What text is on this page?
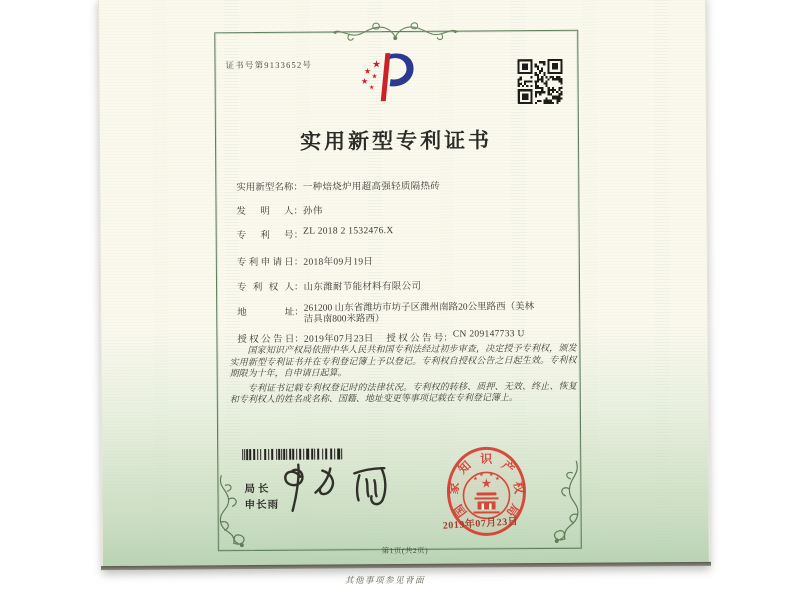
证书号第9133652号
实用新型专利证书
实用新型名称：一种焙烧炉用超高强轻质隔热砖
发明人：孙伟
专利号：ZL 2018 2 1532476.X
专利申请日：2018年09月19日
专利权人：山东潍耐节能材料有限公司
地址：261200 山东省潍坊市坊子区潍州南路20公里路西（美林
洁具南800米路西）
授权公告日：2019年07月23日 授权公告号：CN 209147733 U

国家知识产权局依照中华人民共和国专利法经过初步审查，决定授予专利权，颁发实用新型专利证书并在专利登记簿上予以登记。专利权自授权公告之日起生效。专利权期限为十年，自申请日起算。

专利证书记载专利权登记时的法律状况。专利权的转移、质押、无效、终止、恢复和专利权人的姓名或名称、国籍、地址变更等事项记载在专利登记簿上。

局长
申长雨	国
家
知 识 产
权
局
2019年07月23日
第1页(共2页)
其他事项参见背面
